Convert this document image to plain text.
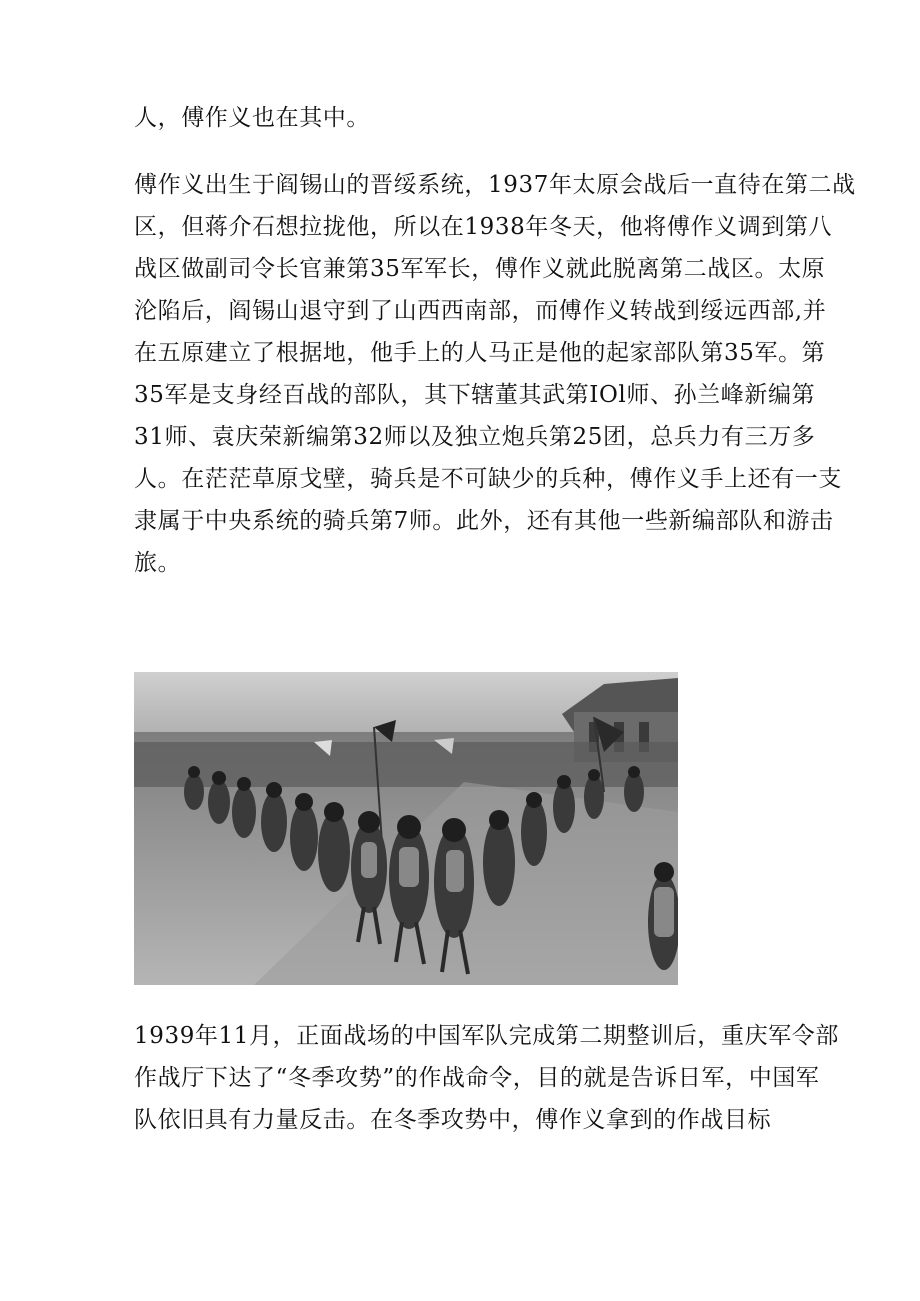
人，傅作义也在其中。
傅作义出生于阎锡山的晋绥系统，1937年太原会战后一直待在第二战
区，但蒋介石想拉拢他，所以在1938年冬天，他将傅作义调到第八
战区做副司令长官兼第35军军长，傅作义就此脱离第二战区。太原
沦陷后，阎锡山退守到了山西西南部，而傅作义转战到绥远西部,并
在五原建立了根据地，他手上的人马正是他的起家部队第35军。第
35军是支身经百战的部队，其下辖董其武第IOl师、孙兰峰新编第
31师、袁庆荣新编第32师以及独立炮兵第25团，总兵力有三万多
人。在茫茫草原戈壁，骑兵是不可缺少的兵种，傅作义手上还有一支
隶属于中央系统的骑兵第7师。此外，还有其他一些新编部队和游击
旅。
1939年11月，正面战场的中国军队完成第二期整训后，重庆军令部
作战厅下达了“冬季攻势”的作战命令，目的就是告诉日军，中国军
队依旧具有力量反击。在冬季攻势中，傅作义拿到的作战目标
